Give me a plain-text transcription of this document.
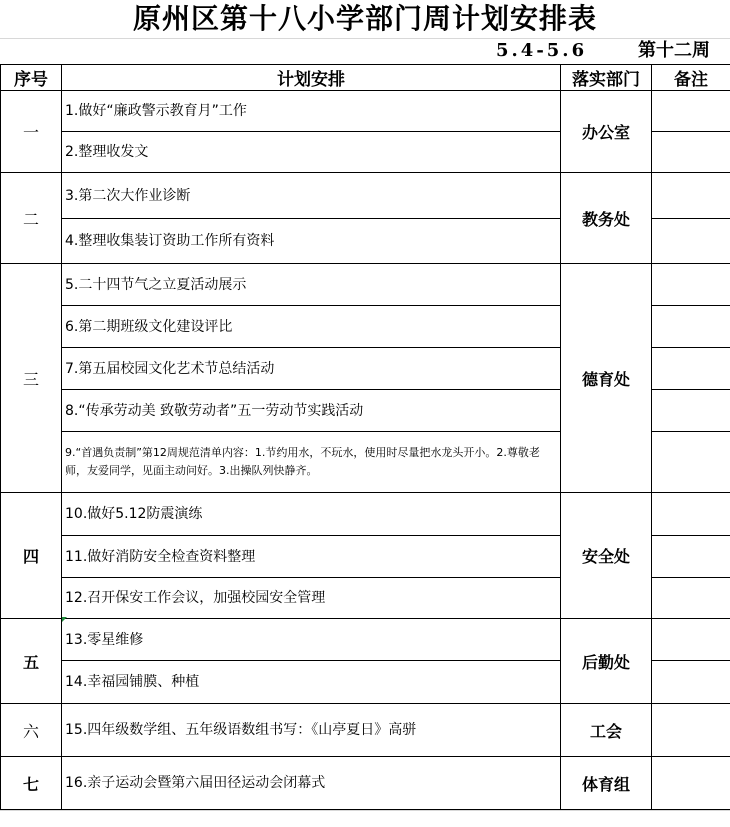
原州区第十八小学部门周计划安排表
5.4-5.6	第十二周
序号	计划安排	落实部门	备注
一	1.做好“廉政警示教育月”工作	办公室	
	2.整理收发文		
二	3.第二次大作业诊断	教务处	
	4.整理收集装订资助工作所有资料		
三	5.二十四节气之立夏活动展示	德育处	
	6.第二期班级文化建设评比		
	7.第五届校园文化艺术节总结活动		
	8.“传承劳动美 致敬劳动者”五一劳动节实践活动		
	9.“首遇负责制”第12周规范清单内容：1.节约用水，不玩水，使用时尽量把水龙头开小。2.尊敬老师，友爱同学，见面主动问好。3.出操队列快静齐。		
四	10.做好5.12防震演练	安全处	
	11.做好消防安全检查资料整理		
	12.召开保安工作会议，加强校园安全管理		
五	13.零星维修	后勤处	
	14.幸福园铺膜、种植		
六	15.四年级数学组、五年级语数组书写：《山亭夏日》高骈	工会	
七	16.亲子运动会暨第六届田径运动会闭幕式	体育组	
